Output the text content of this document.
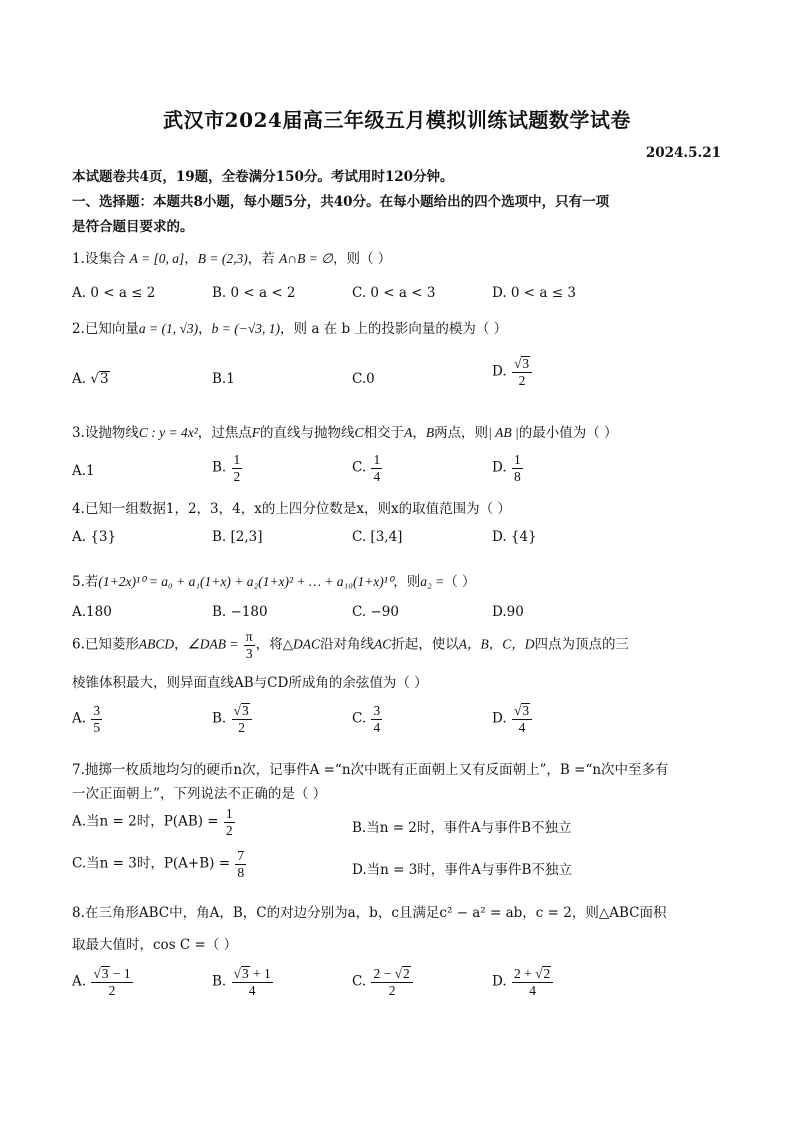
武汉市2024届高三年级五月模拟训练试题数学试卷
2024.5.21
本试题卷共4页，19题，全卷满分150分。考试用时120分钟。
一、选择题：本题共8小题，每小题5分，共40分。在每小题给出的四个选项中，只有一项
是符合题目要求的。
1.设集合 A = [0, a]，B = (2,3)，若 A∩B = ∅，则（ ）
A. 0 < a ≤ 2	B. 0 < a < 2	C. 0 < a < 3	D. 0 < a ≤ 3
2.已知向量a = (1, √3)，b = (−√3, 1)，则 a 在 b 上的投影向量的模为（ ）
A. √3	B.1	C.0	D. $\frac{√3}{2}$
3.设抛物线C : y = 4x²，过焦点F的直线与抛物线C相交于A，B两点，则| AB |的最小值为（ ）
A.1	B. $\frac{1}{2}$	C. $\frac{1}{4}$	D. $\frac{1}{8}$
4.已知一组数据1，2，3，4，x的上四分位数是x，则x的取值范围为（ ）
A. {3}	B. [2,3]	C. [3,4]	D. {4}
5.若(1+2x)¹⁰ = a₀ + a₁(1+x) + a₂(1+x)² + … + a₁₀(1+x)¹⁰，则a₂ =（ ）
A.180	B. −180	C. −90	D.90
6.已知菱形ABCD，∠DAB = $\frac{\pi}{3}$ ，将△DAC沿对角线AC折起，使以A，B，C，D四点为顶点的三
棱锥体积最大，则异面直线AB与CD所成角的余弦值为（ ）
A. $\frac{3}{5}$	B. $\frac{√3}{2}$	C. $\frac{3}{4}$	D. $\frac{√3}{4}$
7.抛掷一枚质地均匀的硬币n次，记事件A =“n次中既有正面朝上又有反面朝上”，B =“n次中至多有
一次正面朝上”，下列说法不正确的是（ ）
A.当n = 2时，$P(AB) = \frac{1}{2}$	B.当n = 2时，事件A与事件B不独立
C.当n = 3时，$P(A+B) = \frac{7}{8}$	D.当n = 3时，事件A与事件B不独立
8.在三角形ABC中，角A，B，C的对边分别为a，b，c且满足c² − a² = ab，c = 2，则△ABC面积
取最大值时，cos C =（ ）
A. $\frac{√3 - 1}{2}$	B. $\frac{√3 + 1}{4}$	C. $\frac{2 - √2}{2}$	D. $\frac{2 + √2}{4}$
